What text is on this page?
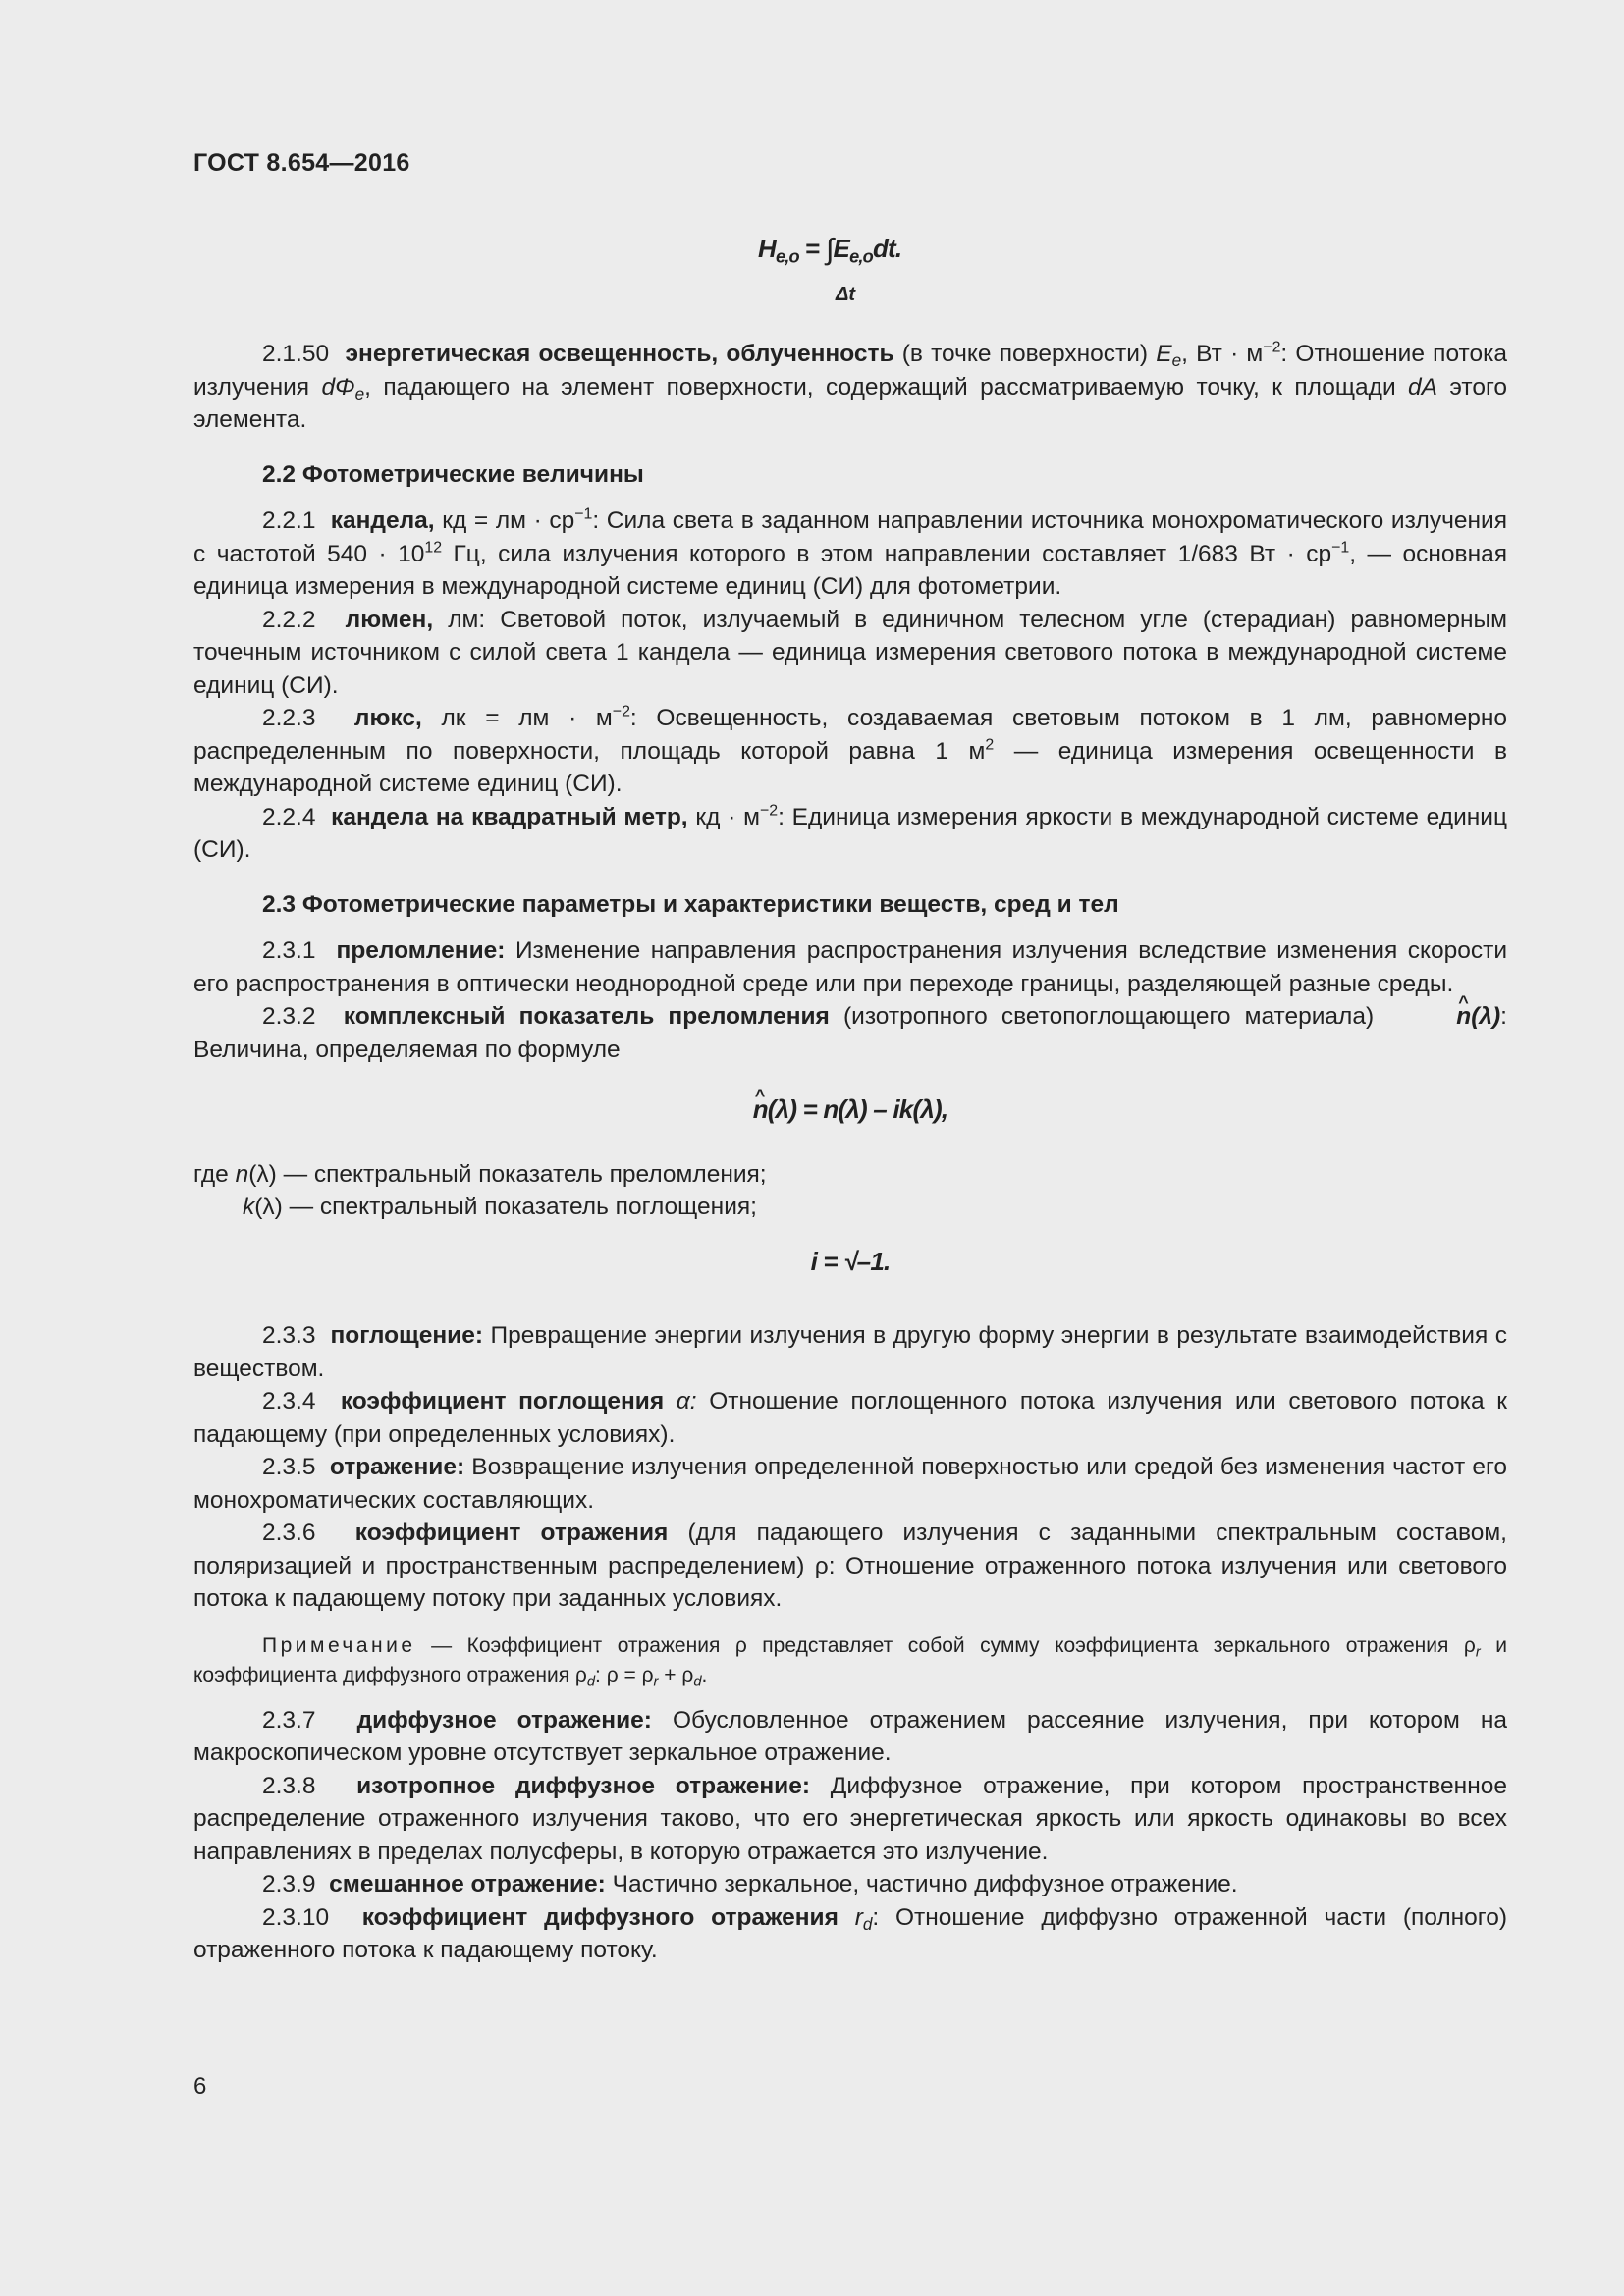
ГОСТ 8.654—2016
$H_{e,o} = \int E_{e,o}dt$.
Δt

2.1.50 энергетическая освещенность, облученность (в точке поверхности) $E_e$, Вт · $м^{-2}$: Отношение потока излучения $d\Phi_e$, падающего на элемент поверхности, содержащий рассматриваемую точку, к площади dA этого элемента.

2.2 Фотометрические величины

2.2.1 кандела, кд = лм · $ср^{-1}$: Сила света в заданном направлении источника монохроматического излучения с частотой $540 \cdot 10^{12}$ Гц, сила излучения которого в этом направлении составляет 1/683 Вт · $ср^{-1}$, — основная единица измерения в международной системе единиц (СИ) для фотометрии.

2.2.2 люмен, лм: Световой поток, излучаемый в единичном телесном угле (стерадиан) равномерным точечным источником с силой света 1 кандела — единица измерения светового потока в международной системе единиц (СИ).

2.2.3 люкс, лк = лм · $м^{-2}$: Освещенность, создаваемая световым потоком в 1 лм, равномерно распределенным по поверхности, площадь которой равна 1 $м^2$ — единица измерения освещенности в международной системе единиц (СИ).

2.2.4 кандела на квадратный метр, кд · $м^{-2}$: Единица измерения яркости в международной системе единиц (СИ).

2.3 Фотометрические параметры и характеристики веществ, сред и тел

2.3.1 преломление: Изменение направления распространения излучения вследствие изменения скорости его распространения в оптически неоднородной среде или при переходе границы, разделяющей разные среды.

2.3.2 комплексный показатель преломления (изотропного светопоглощающего материала) ^	n(λ): Величина, определяемая по формуле

^ n(λ) = n(λ) – ik(λ),

где n(λ) — спектральный показатель преломления;

k(λ) — спектральный показатель поглощения;

i = √–1.

2.3.3 поглощение: Превращение энергии излучения в другую форму энергии в результате взаимодействия с веществом.

2.3.4 коэффициент поглощения α: Отношение поглощенного потока излучения или светового потока к падающему (при определенных условиях).

2.3.5 отражение: Возвращение излучения определенной поверхностью или средой без изменения частот его монохроматических составляющих.

2.3.6 коэффициент отражения (для падающего излучения с заданными спектральным составом, поляризацией и пространственным распределением) ρ: Отношение отраженного потока излучения или светового потока к падающему потоку при заданных условиях.

Примечание — Коэффициент отражения ρ представляет собой сумму коэффициента зеркального отражения $\rho_r$ и коэффициента диффузного отражения $\rho_d$: $\rho = \rho_r + \rho_d$.

2.3.7 диффузное отражение: Обусловленное отражением рассеяние излучения, при котором на макроскопическом уровне отсутствует зеркальное отражение.

2.3.8 изотропное диффузное отражение: Диффузное отражение, при котором пространственное распределение отраженного излучения таково, что его энергетическая яркость или яркость одинаковы во всех направлениях в пределах полусферы, в которую отражается это излучение.

2.3.9 смешанное отражение: Частично зеркальное, частично диффузное отражение.

2.3.10 коэффициент диффузного отражения $r_d$: Отношение диффузно отраженной части (полного) отраженного потока к падающему потоку.

6
